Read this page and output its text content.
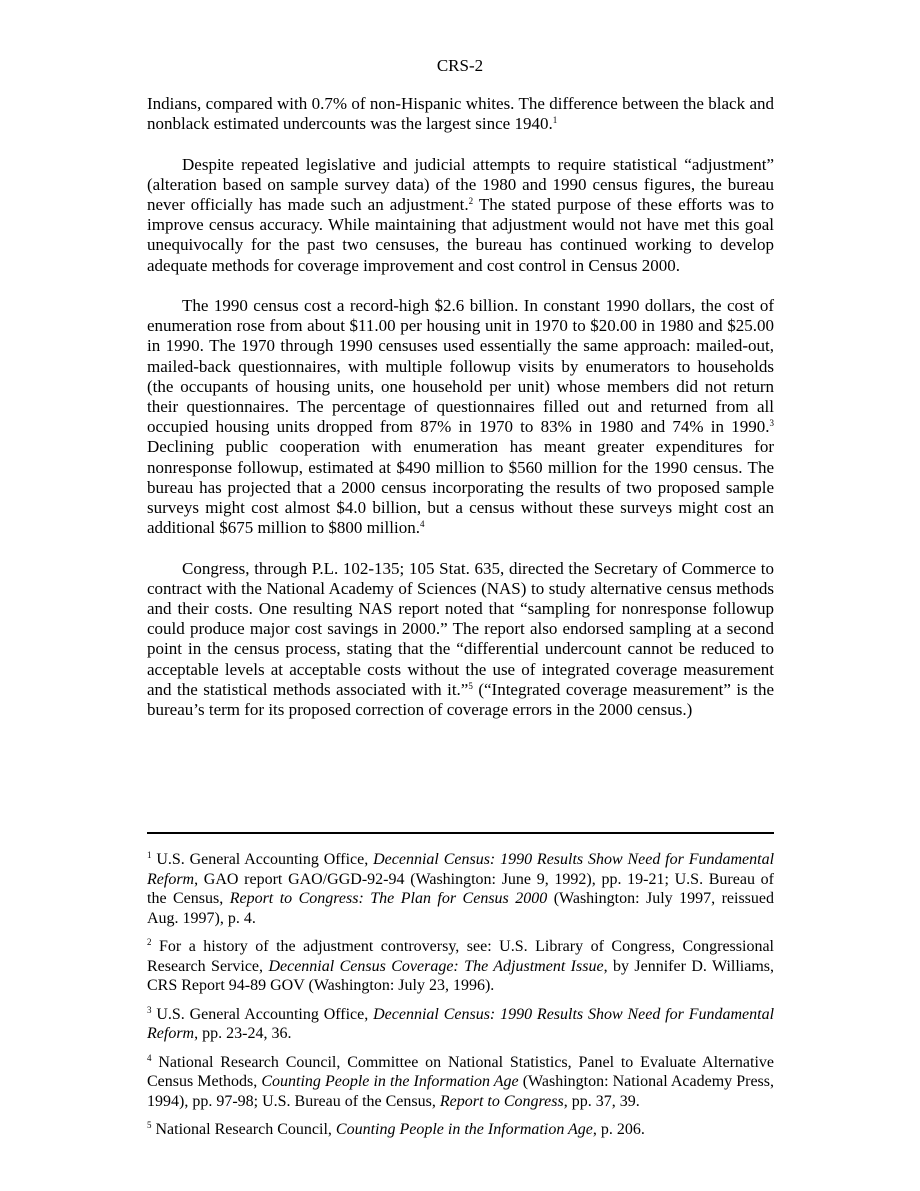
CRS-2

Indians, compared with 0.7% of non-Hispanic whites. The difference between the black and nonblack estimated undercounts was the largest since 1940.$^1$

Despite repeated legislative and judicial attempts to require statistical “adjustment” (alteration based on sample survey data) of the 1980 and 1990 census figures, the bureau never officially has made such an adjustment.$^2$ The stated purpose of these efforts was to improve census accuracy. While maintaining that adjustment would not have met this goal unequivocally for the past two censuses, the bureau has continued working to develop adequate methods for coverage improvement and cost control in Census 2000.

The 1990 census cost a record-high $2.6 billion. In constant 1990 dollars, the cost of enumeration rose from about $11.00 per housing unit in 1970 to $20.00 in 1980 and $25.00 in 1990. The 1970 through 1990 censuses used essentially the same approach: mailed-out, mailed-back questionnaires, with multiple followup visits by enumerators to households (the occupants of housing units, one household per unit) whose members did not return their questionnaires. The percentage of questionnaires filled out and returned from all occupied housing units dropped from 87% in 1970 to 83% in 1980 and 74% in 1990.$^3$ Declining public cooperation with enumeration has meant greater expenditures for nonresponse followup, estimated at $490 million to $560 million for the 1990 census. The bureau has projected that a 2000 census incorporating the results of two proposed sample surveys might cost almost $4.0 billion, but a census without these surveys might cost an additional $675 million to $800 million.$^4$

Congress, through P.L. 102-135; 105 Stat. 635, directed the Secretary of Commerce to contract with the National Academy of Sciences (NAS) to study alternative census methods and their costs. One resulting NAS report noted that “sampling for nonresponse followup could produce major cost savings in 2000.” The report also endorsed sampling at a second point in the census process, stating that the “differential undercount cannot be reduced to acceptable levels at acceptable costs without the use of integrated coverage measurement and the statistical methods associated with it.”$^5$ (“Integrated coverage measurement” is the bureau’s term for its proposed correction of coverage errors in the 2000 census.)

$^1$ U.S. General Accounting Office, Decennial Census: 1990 Results Show Need for Fundamental Reform, GAO report GAO/GGD-92-94 (Washington: June 9, 1992), pp. 19-21; U.S. Bureau of the Census, Report to Congress: The Plan for Census 2000 (Washington: July 1997, reissued Aug. 1997), p. 4.

$^2$ For a history of the adjustment controversy, see: U.S. Library of Congress, Congressional Research Service, Decennial Census Coverage: The Adjustment Issue, by Jennifer D. Williams, CRS Report 94-89 GOV (Washington: July 23, 1996).

$^3$ U.S. General Accounting Office, Decennial Census: 1990 Results Show Need for Fundamental Reform, pp. 23-24, 36.

$^4$ National Research Council, Committee on National Statistics, Panel to Evaluate Alternative Census Methods, Counting People in the Information Age (Washington: National Academy Press, 1994), pp. 97-98; U.S. Bureau of the Census, Report to Congress, pp. 37, 39.

$^5$ National Research Council, Counting People in the Information Age, p. 206.
